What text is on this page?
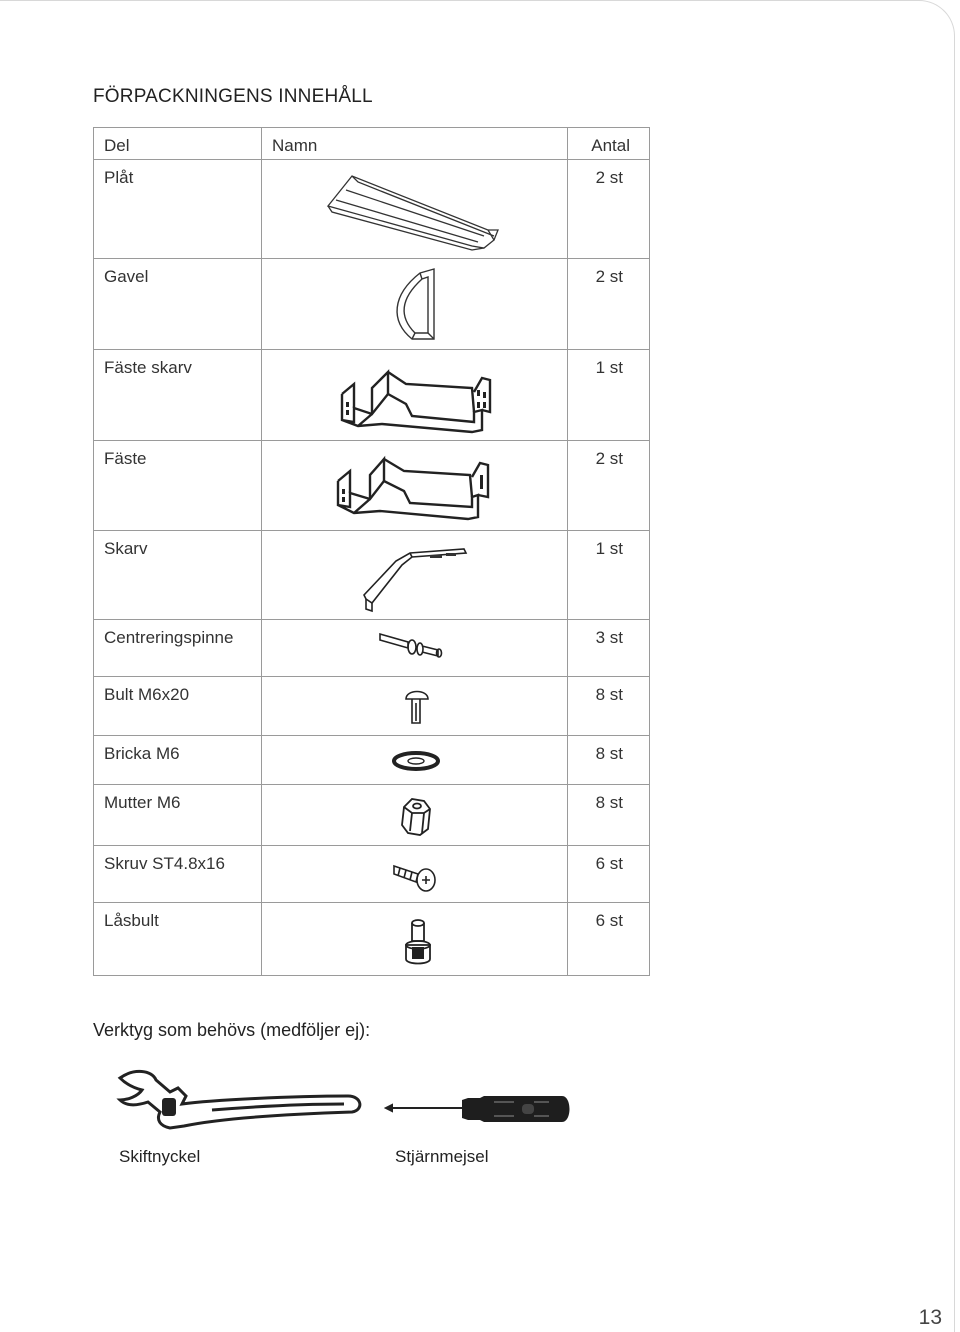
FÖRPACKNINGENS INNEHÅLL
Del	Namn	Antal
Plåt		2 st
Gavel		2 st
Fäste skarv		1 st
Fäste		2 st
Skarv		1 st
Centreringspinne		3 st
Bult M6x20		8 st
Bricka M6		8 st
Mutter M6		8 st
Skruv ST4.8x16		6 st
Låsbult		6 st
Verktyg som behövs (medföljer ej):
Skiftnyckel	Stjärnmejsel
13
